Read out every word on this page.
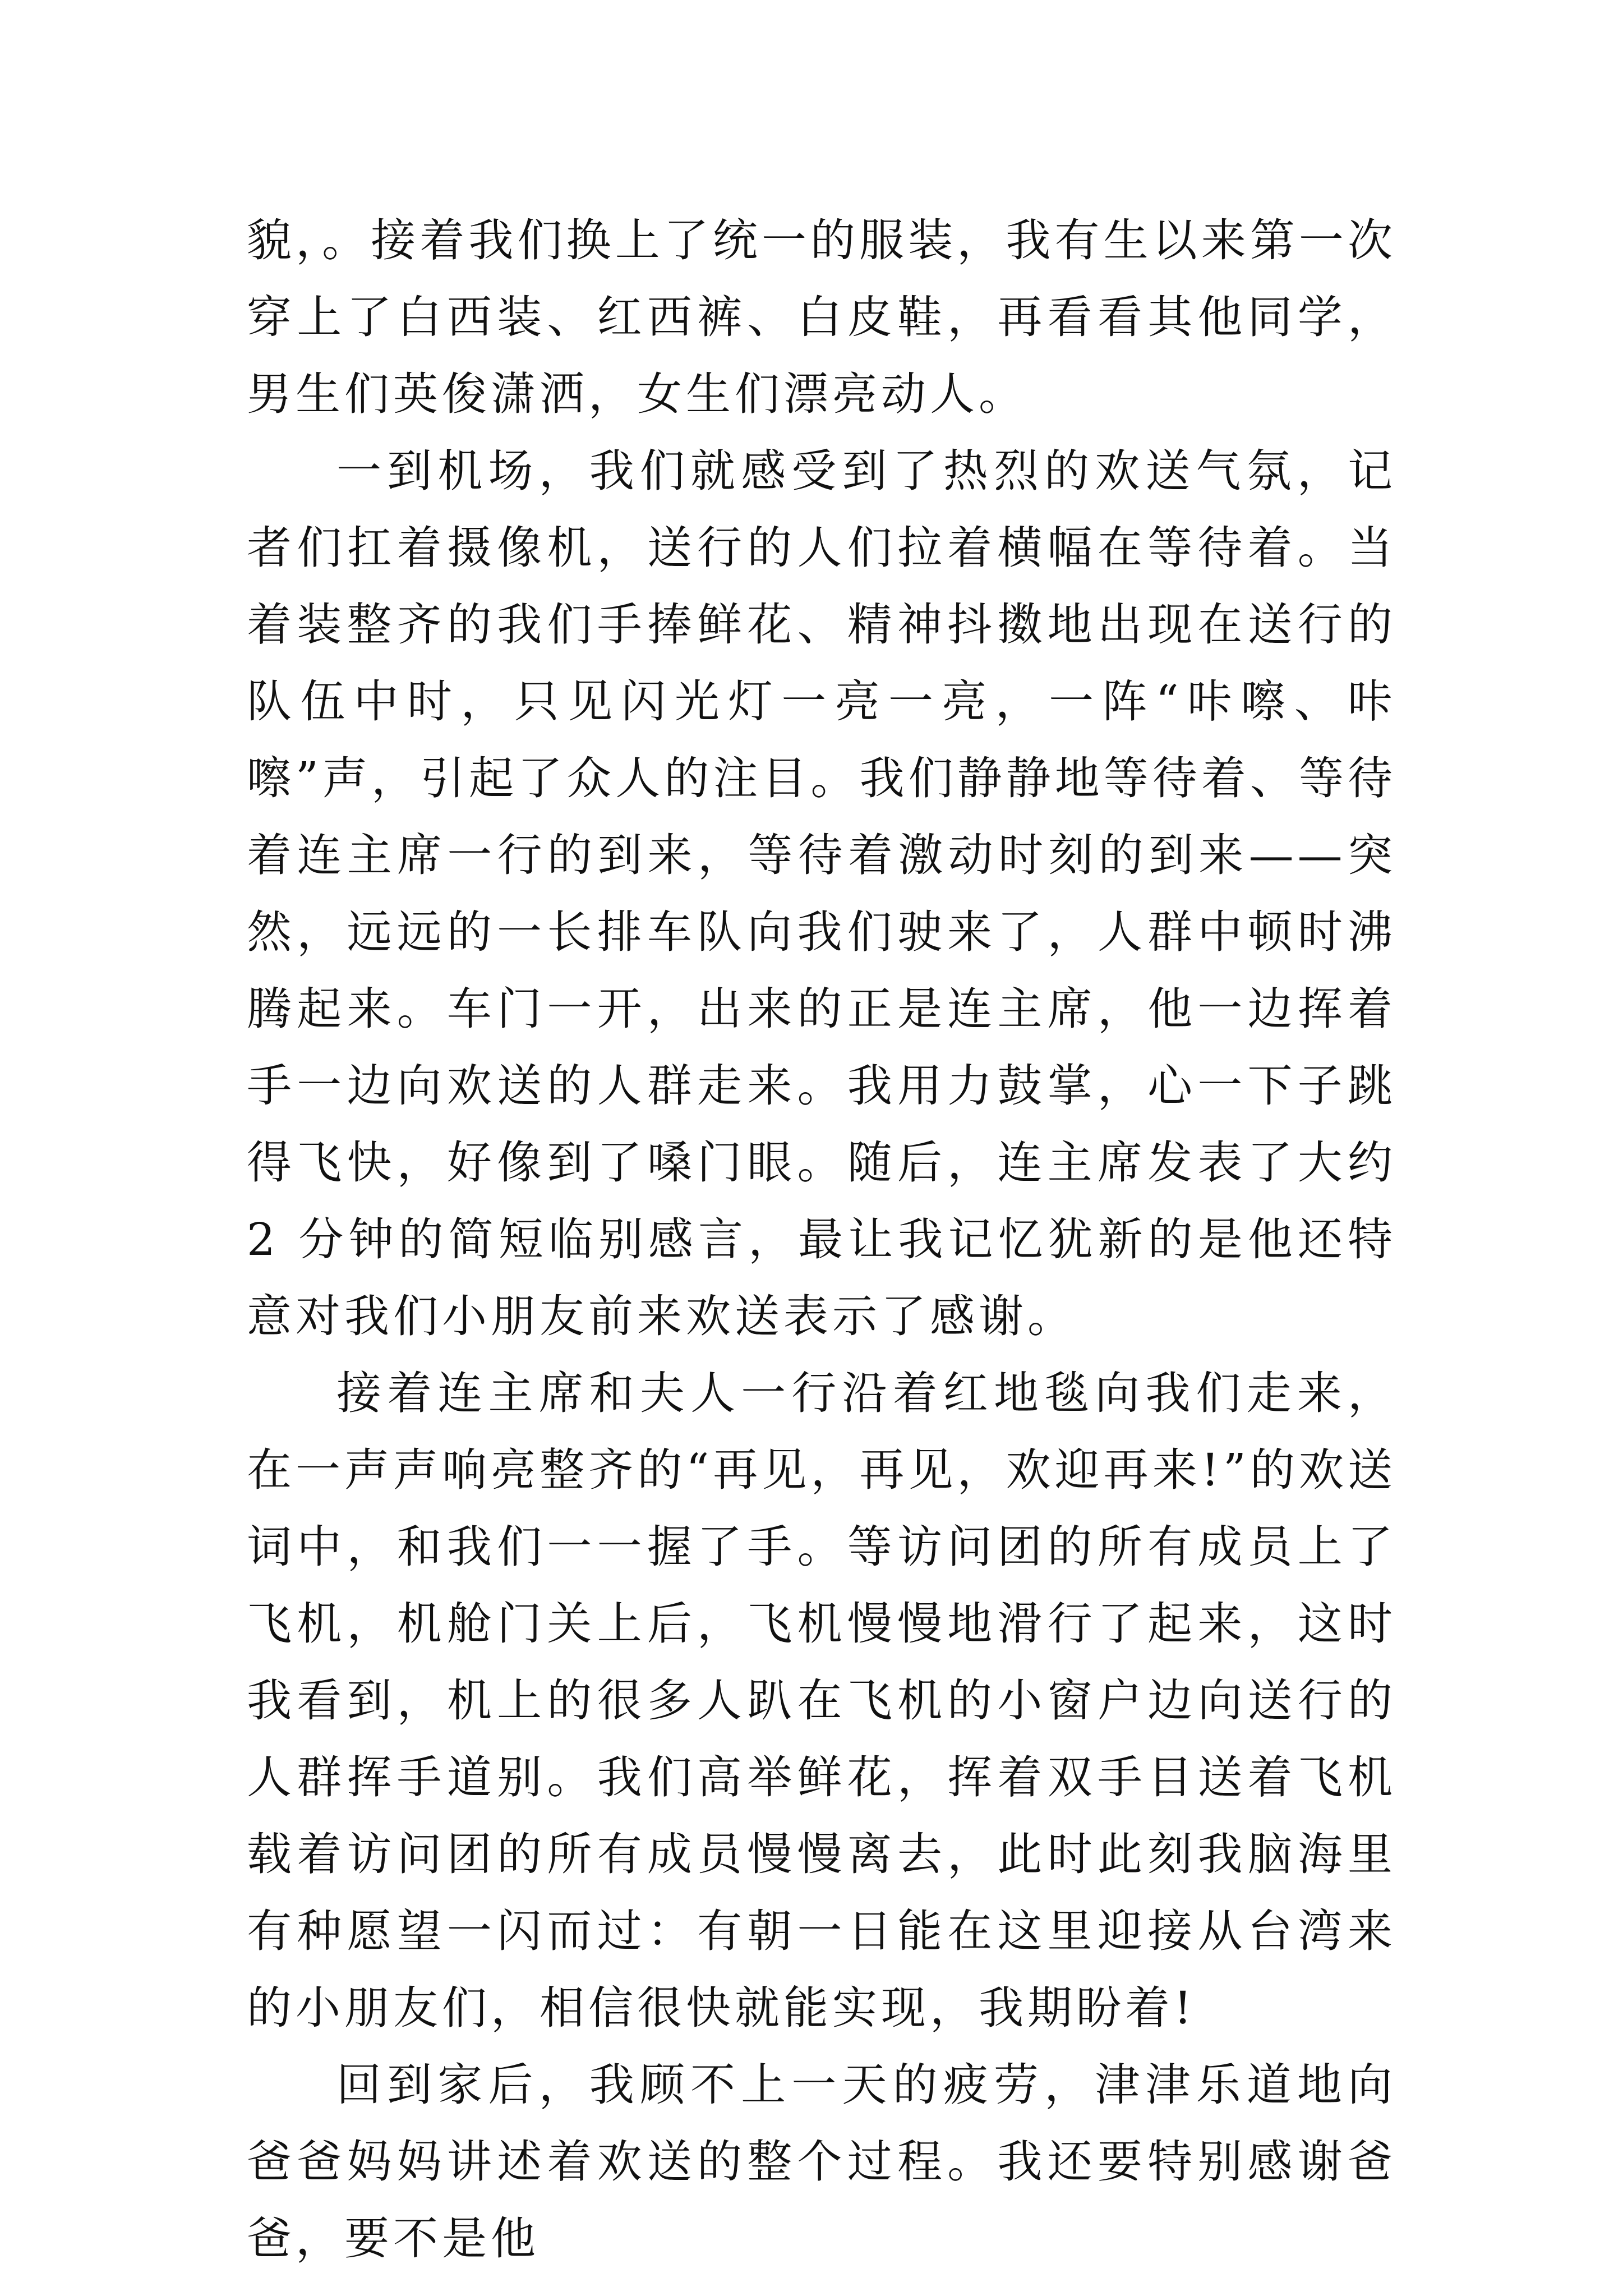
貌，。接着我们换上了统一的服装，我有生以来第一次穿上了白西装、红西裤、白皮鞋，再看看其他同学，男生们英俊潇洒，女生们漂亮动人。

一到机场，我们就感受到了热烈的欢送气氛，记者们扛着摄像机，送行的人们拉着横幅在等待着。当着装整齐的我们手捧鲜花、精神抖擞地出现在送行的队伍中时，只见闪光灯一亮一亮，一阵“咔嚓、咔嚓”声，引起了众人的注目。我们静静地等待着、等待着连主席一行的到来，等待着激动时刻的到来——突然，远远的一长排车队向我们驶来了，人群中顿时沸腾起来。车门一开，出来的正是连主席，他一边挥着手一边向欢送的人群走来。我用力鼓掌，心一下子跳得飞快，好像到了嗓门眼。随后，连主席发表了大约 2 分钟的简短临别感言，最让我记忆犹新的是他还特意对我们小朋友前来欢送表示了感谢。

接着连主席和夫人一行沿着红地毯向我们走来，在一声声响亮整齐的“再见，再见，欢迎再来!”的欢送词中，和我们一一握了手。等访问团的所有成员上了飞机，机舱门关上后，飞机慢慢地滑行了起来，这时我看到，机上的很多人趴在飞机的小窗户边向送行的人群挥手道别。我们高举鲜花，挥着双手目送着飞机载着访问团的所有成员慢慢离去，此时此刻我脑海里有种愿望一闪而过：有朝一日能在这里迎接从台湾来的小朋友们，相信很快就能实现，我期盼着!

回到家后，我顾不上一天的疲劳，津津乐道地向爸爸妈妈讲述着欢送的整个过程。我还要特别感谢爸爸，要不是他
